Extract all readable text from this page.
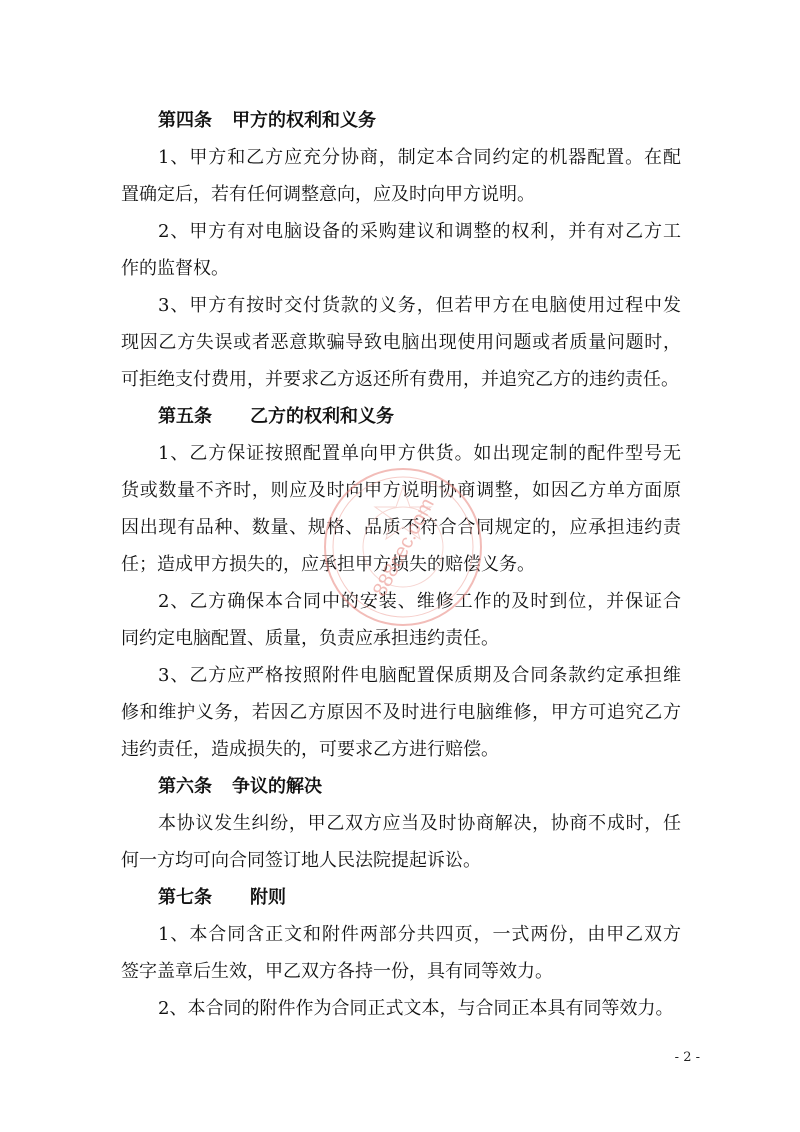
第四条 甲方的权利和义务
1、甲方和乙方应充分协商，制定本合同约定的机器配置。在配
置确定后，若有任何调整意向，应及时向甲方说明。
2、甲方有对电脑设备的采购建议和调整的权利，并有对乙方工
作的监督权。
3、甲方有按时交付货款的义务，但若甲方在电脑使用过程中发
现因乙方失误或者恶意欺骗导致电脑出现使用问题或者质量问题时，
可拒绝支付费用，并要求乙方返还所有费用，并追究乙方的违约责任。
第五条 乙方的权利和义务
1、乙方保证按照配置单向甲方供货。如出现定制的配件型号无
货或数量不齐时，则应及时向甲方说明协商调整，如因乙方单方面原
因出现有品种、数量、规格、品质不符合合同规定的，应承担违约责
任；造成甲方损失的，应承担甲方损失的赔偿义务。
2、乙方确保本合同中的安装、维修工作的及时到位，并保证合
同约定电脑配置、质量，负责应承担违约责任。
3、乙方应严格按照附件电脑配置保质期及合同条款约定承担维
修和维护义务，若因乙方原因不及时进行电脑维修，甲方可追究乙方
违约责任，造成损失的，可要求乙方进行赔偿。
第六条 争议的解决
本协议发生纠纷，甲乙双方应当及时协商解决，协商不成时，任
何一方均可向合同签订地人民法院提起诉讼。
第七条 附则
1、本合同含正文和附件两部分共四页，一式两份，由甲乙双方
签字盖章后生效，甲乙双方各持一份，具有同等效力。
2、本合同的附件作为合同正式文本，与合同正本具有同等效力。
888cec.com
- 2 -
